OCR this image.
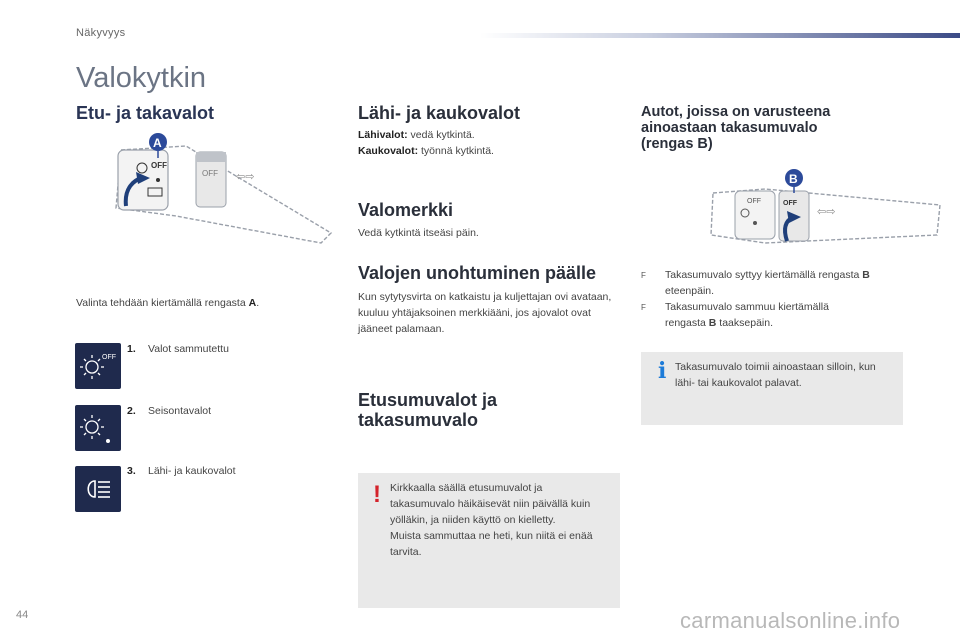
Näkyvyys
Valokytkin
Etu- ja takavalot
OFF
OFF
⇦⇨
A
Valinta tehdään kiertämällä rengasta A.
OFF
1. Valot sammutettu
2. Seisontavalot
3. Lähi- ja kaukovalot
Lähi- ja kaukovalot
Lähivalot: vedä kytkintä.
Kaukovalot: työnnä kytkintä.
Valomerkki
Vedä kytkintä itseäsi päin.
Valojen unohtuminen päälle
Kun sytytysvirta on katkaistu ja kuljettajan ovi avataan, kuuluu yhtäjaksoinen merkkiääni, jos ajovalot ovat jääneet palamaan.
Etusumuvalot ja
takasumuvalo
! Kirkkaalla säällä etusumuvalot ja takasumuvalo häikäisevät niin päivällä kuin yölläkin, ja niiden käyttö on kielletty.
Muista sammuttaa ne heti, kun niitä ei enää tarvita.
Autot, joissa on varusteena
ainoastaan takasumuvalo
(rengas B)
OFF	OFF
⇦⇨
B
F	Takasumuvalo syttyy kiertämällä rengasta B eteenpäin.
F	Takasumuvalo sammuu kiertämällä rengasta B taaksepäin.
i Takasumuvalo toimii ainoastaan silloin, kun lähi- tai kaukovalot palavat.
44	carmanualsonline.info
